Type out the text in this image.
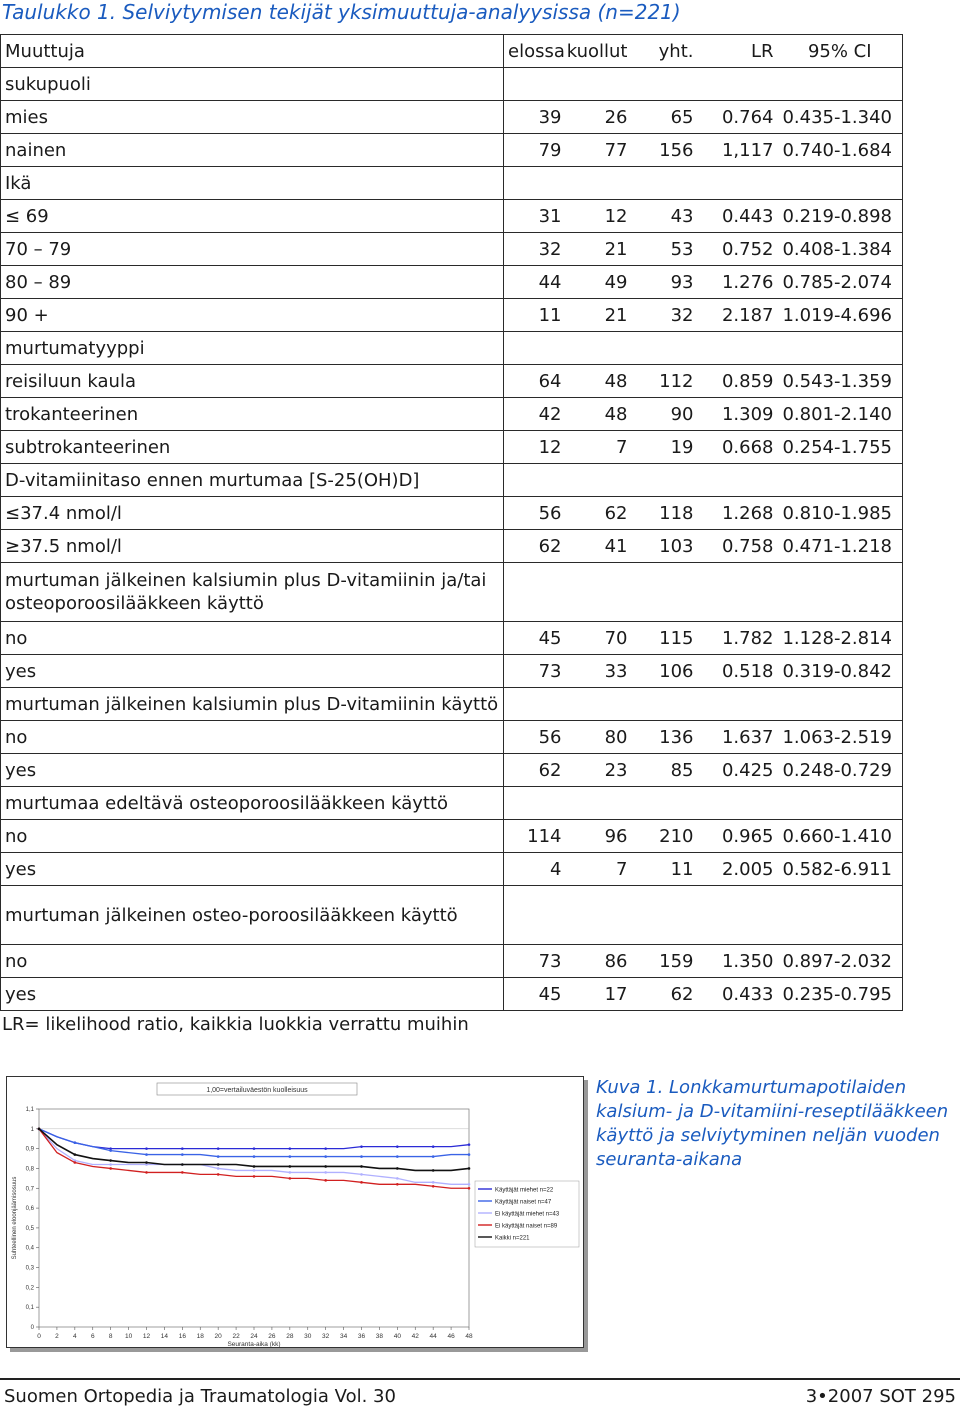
Taulukko 1. Selviytymisen tekijät yksimuuttuja-analyysissa (n=221)
Muuttuja	elossa	kuollut	yht.	LR	95% CI
sukupuoli					
mies	39	26	65	0.764	0.435-1.340
nainen	79	77	156	1,117	0.740-1.684
Ikä					
≤ 69	31	12	43	0.443	0.219-0.898
70 – 79	32	21	53	0.752	0.408-1.384
80 – 89	44	49	93	1.276	0.785-2.074
90 +	11	21	32	2.187	1.019-4.696
murtumatyyppi					
reisiluun kaula	64	48	112	0.859	0.543-1.359
trokanteerinen	42	48	90	1.309	0.801-2.140
subtrokanteerinen	12	7	19	0.668	0.254-1.755
D-vitamiinitaso ennen murtumaa [S-25(OH)D]					
≤37.4 nmol/l	56	62	118	1.268	0.810-1.985
≥37.5 nmol/l	62	41	103	0.758	0.471-1.218
murtuman jälkeinen kalsiumin plus D-vitamiinin ja/tai osteoporoosilääkkeen käyttö					
no	45	70	115	1.782	1.128-2.814
yes	73	33	106	0.518	0.319-0.842
murtuman jälkeinen kalsiumin plus D-vitamiinin käyttö					
no	56	80	136	1.637	1.063-2.519
yes	62	23	85	0.425	0.248-0.729
murtumaa edeltävä osteoporoosilääkkeen käyttö					
no	114	96	210	0.965	0.660-1.410
yes	4	7	11	2.005	0.582-6.911
murtuman jälkeinen osteo-poroosilääkkeen käyttö					
no	73	86	159	1.350	0.897-2.032
yes	45	17	62	0.433	0.235-0.795
LR= likelihood ratio, kaikkia luokkia verrattu muihin
1,00=vertailuväestön kuolleisuus
0
0,1
0,2
0,3
0,4
0,5
0,6
0,7
0,8
0,9
1
1,1
0 2 4 6 8 10 12 14 16 18 20 22 24 26 28 30 32 34 36 38 40 42 44 46 48
Seuranta-aika (kk)
Suhteellinen eloonjäämisosuus	Käyttäjät miehet n=22
Käyttäjät naiset n=47
Ei käyttäjät miehet n=43
Ei käyttäjät naiset n=89
Kaikki n=221
Kuva 1. Lonkkamurtumapotilaiden kalsium- ja D-vitamiini-reseptilääkkeen käyttö ja selviytyminen neljän vuoden seuranta-aikana
Suomen Ortopedia ja Traumatologia Vol. 30	3•2007 SOT 295
